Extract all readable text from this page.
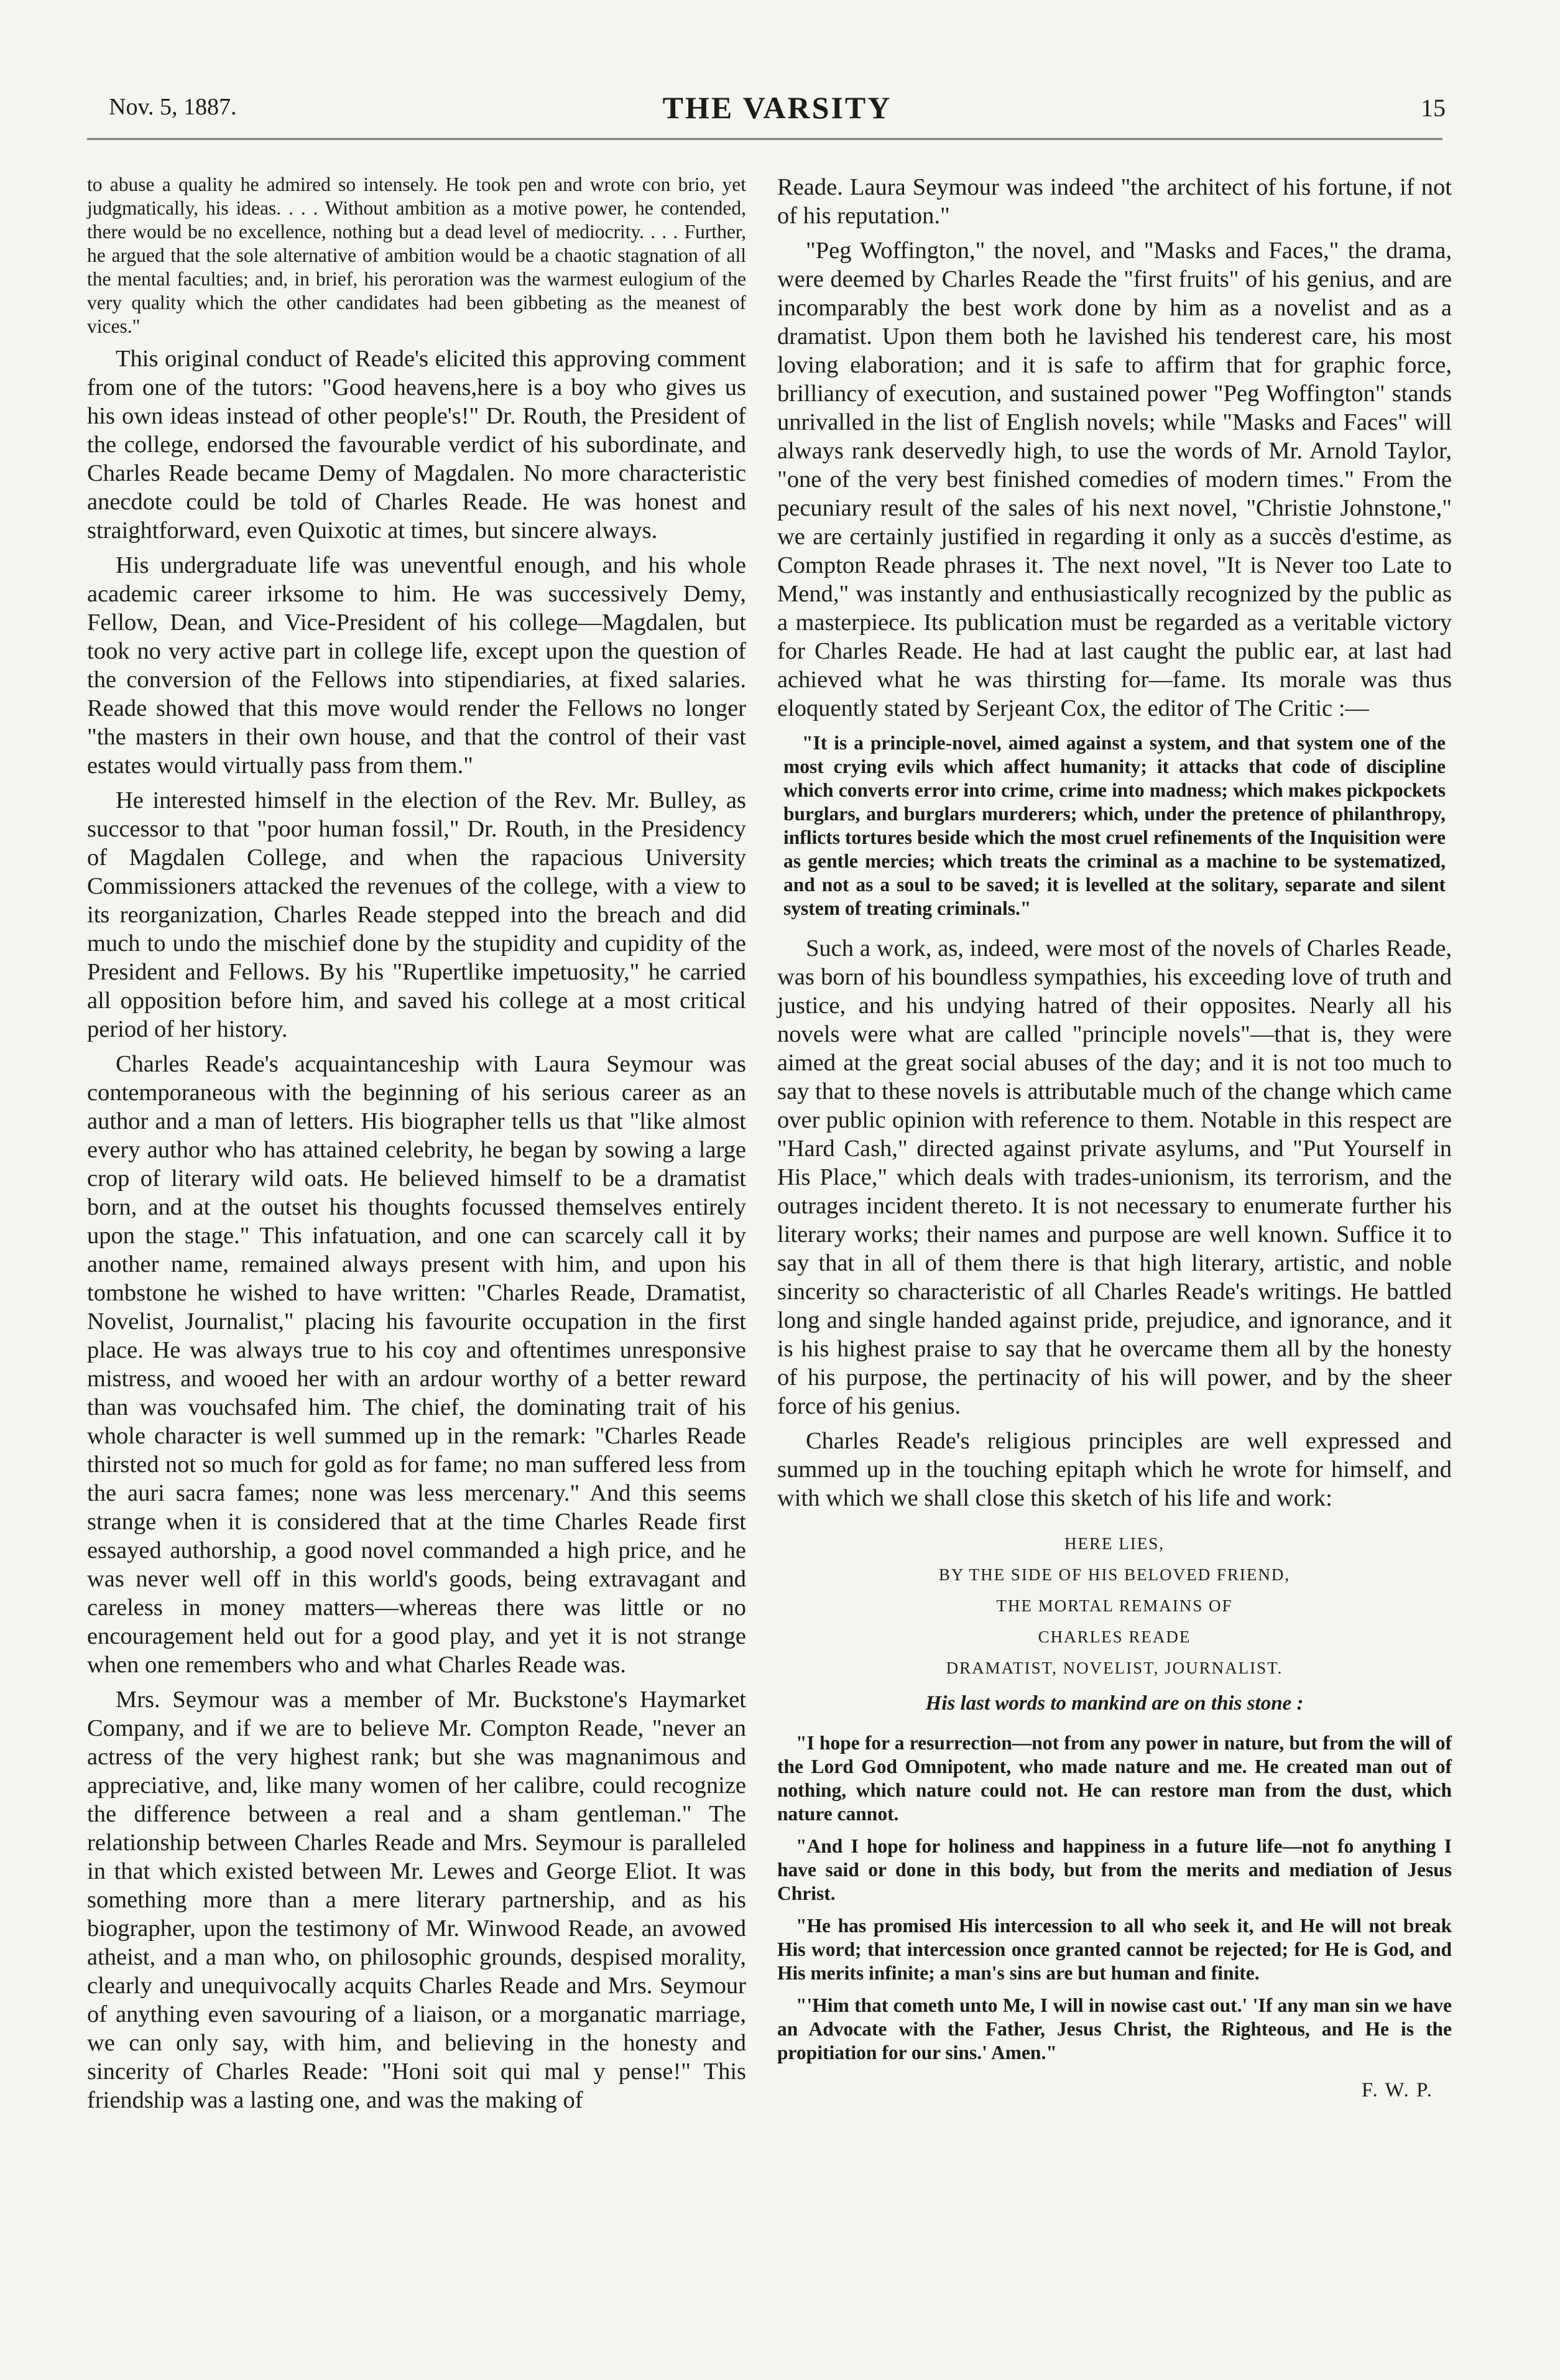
Nov. 5, 1887.	THE VARSITY	15

to abuse a quality he admired so intensely. He took pen and wrote con brio, yet judgmatically, his ideas. . . . Without ambition as a motive power, he contended, there would be no excellence, nothing but a dead level of mediocrity. . . . Further, he argued that the sole alternative of ambition would be a chaotic stagnation of all the mental faculties; and, in brief, his peroration was the warmest eulogium of the very quality which the other candidates had been gibbeting as the meanest of vices."

This original conduct of Reade's elicited this approving comment from one of the tutors: "Good heavens,here is a boy who gives us his own ideas instead of other people's!" Dr. Routh, the President of the college, endorsed the favourable verdict of his subordinate, and Charles Reade became Demy of Magdalen. No more characteristic anecdote could be told of Charles Reade. He was honest and straightforward, even Quixotic at times, but sincere always.

His undergraduate life was uneventful enough, and his whole academic career irksome to him. He was successively Demy, Fellow, Dean, and Vice-President of his college—Magdalen, but took no very active part in college life, except upon the question of the conversion of the Fellows into stipendiaries, at fixed salaries. Reade showed that this move would render the Fellows no longer "the masters in their own house, and that the control of their vast estates would virtually pass from them."

He interested himself in the election of the Rev. Mr. Bulley, as successor to that "poor human fossil," Dr. Routh, in the Presidency of Magdalen College, and when the rapacious University Commissioners attacked the revenues of the college, with a view to its reorganization, Charles Reade stepped into the breach and did much to undo the mischief done by the stupidity and cupidity of the President and Fellows. By his "Rupertlike impetuosity," he carried all opposition before him, and saved his college at a most critical period of her history.

Charles Reade's acquaintanceship with Laura Seymour was contemporaneous with the beginning of his serious career as an author and a man of letters. His biographer tells us that "like almost every author who has attained celebrity, he began by sowing a large crop of literary wild oats. He believed himself to be a dramatist born, and at the outset his thoughts focussed themselves entirely upon the stage." This infatuation, and one can scarcely call it by another name, remained always present with him, and upon his tombstone he wished to have written: "Charles Reade, Dramatist, Novelist, Journalist," placing his favourite occupation in the first place. He was always true to his coy and oftentimes unresponsive mistress, and wooed her with an ardour worthy of a better reward than was vouchsafed him. The chief, the dominating trait of his whole character is well summed up in the remark: "Charles Reade thirsted not so much for gold as for fame; no man suffered less from the auri sacra fames; none was less mercenary." And this seems strange when it is considered that at the time Charles Reade first essayed authorship, a good novel commanded a high price, and he was never well off in this world's goods, being extravagant and careless in money matters—whereas there was little or no encouragement held out for a good play, and yet it is not strange when one remembers who and what Charles Reade was.

Mrs. Seymour was a member of Mr. Buckstone's Haymarket Company, and if we are to believe Mr. Compton Reade, "never an actress of the very highest rank; but she was magnanimous and appreciative, and, like many women of her calibre, could recognize the difference between a real and a sham gentleman." The relationship between Charles Reade and Mrs. Seymour is paralleled in that which existed between Mr. Lewes and George Eliot. It was something more than a mere literary partnership, and as his biographer, upon the testimony of Mr. Winwood Reade, an avowed atheist, and a man who, on philosophic grounds, despised morality, clearly and unequivocally acquits Charles Reade and Mrs. Seymour of anything even savouring of a liaison, or a morganatic marriage, we can only say, with him, and believing in the honesty and sincerity of Charles Reade: "Honi soit qui mal y pense!" This friendship was a lasting one, and was the making of

Reade. Laura Seymour was indeed "the architect of his fortune, if not of his reputation."

"Peg Woffington," the novel, and "Masks and Faces," the drama, were deemed by Charles Reade the "first fruits" of his genius, and are incomparably the best work done by him as a novelist and as a dramatist. Upon them both he lavished his tenderest care, his most loving elaboration; and it is safe to affirm that for graphic force, brilliancy of execution, and sustained power "Peg Woffington" stands unrivalled in the list of English novels; while "Masks and Faces" will always rank deservedly high, to use the words of Mr. Arnold Taylor, "one of the very best finished comedies of modern times." From the pecuniary result of the sales of his next novel, "Christie Johnstone," we are certainly justified in regarding it only as a succès d'estime, as Compton Reade phrases it. The next novel, "It is Never too Late to Mend," was instantly and enthusiastically recognized by the public as a masterpiece. Its publication must be regarded as a veritable victory for Charles Reade. He had at last caught the public ear, at last had achieved what he was thirsting for—fame. Its morale was thus eloquently stated by Serjeant Cox, the editor of The Critic :—

"It is a principle-novel, aimed against a system, and that system one of the most crying evils which affect humanity; it attacks that code of discipline which converts error into crime, crime into madness; which makes pickpockets burglars, and burglars murderers; which, under the pretence of philanthropy, inflicts tortures beside which the most cruel refinements of the Inquisition were as gentle mercies; which treats the criminal as a machine to be systematized, and not as a soul to be saved; it is levelled at the solitary, separate and silent system of treating criminals."

Such a work, as, indeed, were most of the novels of Charles Reade, was born of his boundless sympathies, his exceeding love of truth and justice, and his undying hatred of their opposites. Nearly all his novels were what are called "principle novels"—that is, they were aimed at the great social abuses of the day; and it is not too much to say that to these novels is attributable much of the change which came over public opinion with reference to them. Notable in this respect are "Hard Cash," directed against private asylums, and "Put Yourself in His Place," which deals with trades-unionism, its terrorism, and the outrages incident thereto. It is not necessary to enumerate further his literary works; their names and purpose are well known. Suffice it to say that in all of them there is that high literary, artistic, and noble sincerity so characteristic of all Charles Reade's writings. He battled long and single handed against pride, prejudice, and ignorance, and it is his highest praise to say that he overcame them all by the honesty of his purpose, the pertinacity of his will power, and by the sheer force of his genius.

Charles Reade's religious principles are well expressed and summed up in the touching epitaph which he wrote for himself, and with which we shall close this sketch of his life and work:

HERE LIES,
BY THE SIDE OF HIS BELOVED FRIEND,
THE MORTAL REMAINS OF
CHARLES READE
DRAMATIST, NOVELIST, JOURNALIST.
His last words to mankind are on this stone :

"I hope for a resurrection—not from any power in nature, but from the will of the Lord God Omnipotent, who made nature and me. He created man out of nothing, which nature could not. He can restore man from the dust, which nature cannot.

"And I hope for holiness and happiness in a future life—not fo anything I have said or done in this body, but from the merits and mediation of Jesus Christ.

"He has promised His intercession to all who seek it, and He will not break His word; that intercession once granted cannot be rejected; for He is God, and His merits infinite; a man's sins are but human and finite.

"'Him that cometh unto Me, I will in nowise cast out.' 'If any man sin we have an Advocate with the Father, Jesus Christ, the Righteous, and He is the propitiation for our sins.' Amen."

F. W. P.
